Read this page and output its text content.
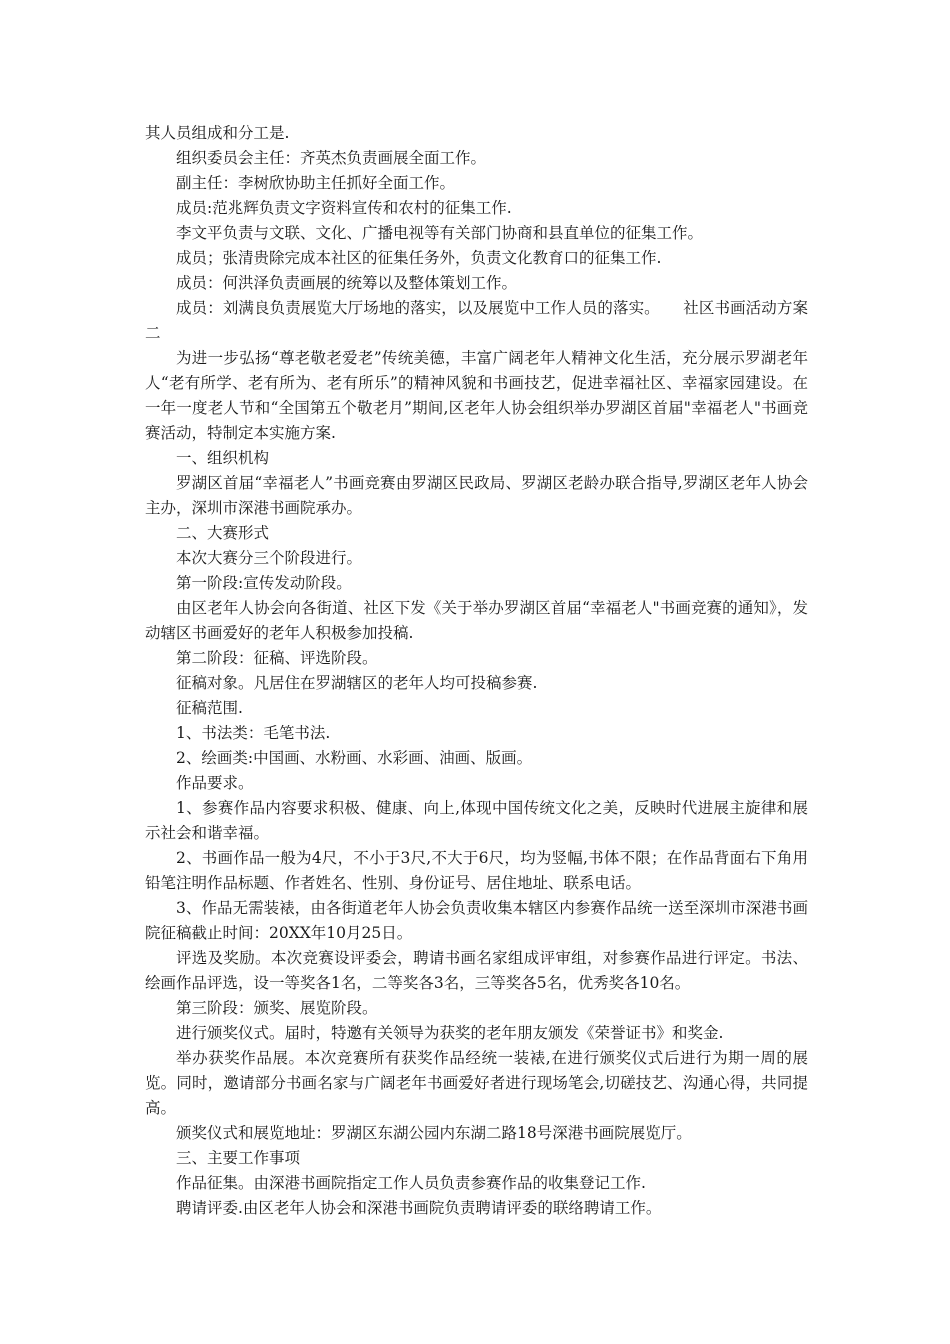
其人员组成和分工是.

组织委员会主任：齐英杰负责画展全面工作。

副主任：李树欣协助主任抓好全面工作。

成员:范兆辉负责文字资料宣传和农村的征集工作.

李文平负责与文联、文化、广播电视等有关部门协商和县直单位的征集工作。

成员；张清贵除完成本社区的征集任务外，负责文化教育口的征集工作.

成员：何洪泽负责画展的统筹以及整体策划工作。

成员：刘满良负责展览大厅场地的落实，以及展览中工作人员的落实。　　社区书画活动方案二

为进一步弘扬“尊老敬老爱老”传统美德，丰富广阔老年人精神文化生活，充分展示罗湖老年人“老有所学、老有所为、老有所乐”的精神风貌和书画技艺，促进幸福社区、幸福家园建设。在一年一度老人节和“全国第五个敬老月”期间,区老年人协会组织举办罗湖区首届"幸福老人"书画竞赛活动，特制定本实施方案.

一、组织机构

罗湖区首届“幸福老人”书画竞赛由罗湖区民政局、罗湖区老龄办联合指导,罗湖区老年人协会主办，深圳市深港书画院承办。

二、大赛形式

本次大赛分三个阶段进行。

第一阶段:宣传发动阶段。

由区老年人协会向各街道、社区下发《关于举办罗湖区首届“幸福老人"书画竞赛的通知》，发动辖区书画爱好的老年人积极参加投稿.

第二阶段：征稿、评选阶段。

征稿对象。凡居住在罗湖辖区的老年人均可投稿参赛.

征稿范围.

1、书法类：毛笔书法.

2、绘画类:中国画、水粉画、水彩画、油画、版画。

作品要求。

1、参赛作品内容要求积极、健康、向上,体现中国传统文化之美，反映时代进展主旋律和展示社会和谐幸福。

2、书画作品一般为4尺，不小于3尺,不大于6尺，均为竖幅,书体不限；在作品背面右下角用铅笔注明作品标题、作者姓名、性别、身份证号、居住地址、联系电话。

3、作品无需装裱，由各街道老年人协会负责收集本辖区内参赛作品统一送至深圳市深港书画院征稿截止时间：20XX年10月25日。

评选及奖励。本次竞赛设评委会，聘请书画名家组成评审组，对参赛作品进行评定。书法、绘画作品评选，设一等奖各1名，二等奖各3名，三等奖各5名，优秀奖各10名。

第三阶段：颁奖、展览阶段。

进行颁奖仪式。届时，特邀有关领导为获奖的老年朋友颁发《荣誉证书》和奖金.

举办获奖作品展。本次竞赛所有获奖作品经统一装裱,在进行颁奖仪式后进行为期一周的展览。同时，邀请部分书画名家与广阔老年书画爱好者进行现场笔会,切磋技艺、沟通心得，共同提高。

颁奖仪式和展览地址：罗湖区东湖公园内东湖二路18号深港书画院展览厅。

三、主要工作事项

作品征集。由深港书画院指定工作人员负责参赛作品的收集登记工作.

聘请评委.由区老年人协会和深港书画院负责聘请评委的联络聘请工作。
